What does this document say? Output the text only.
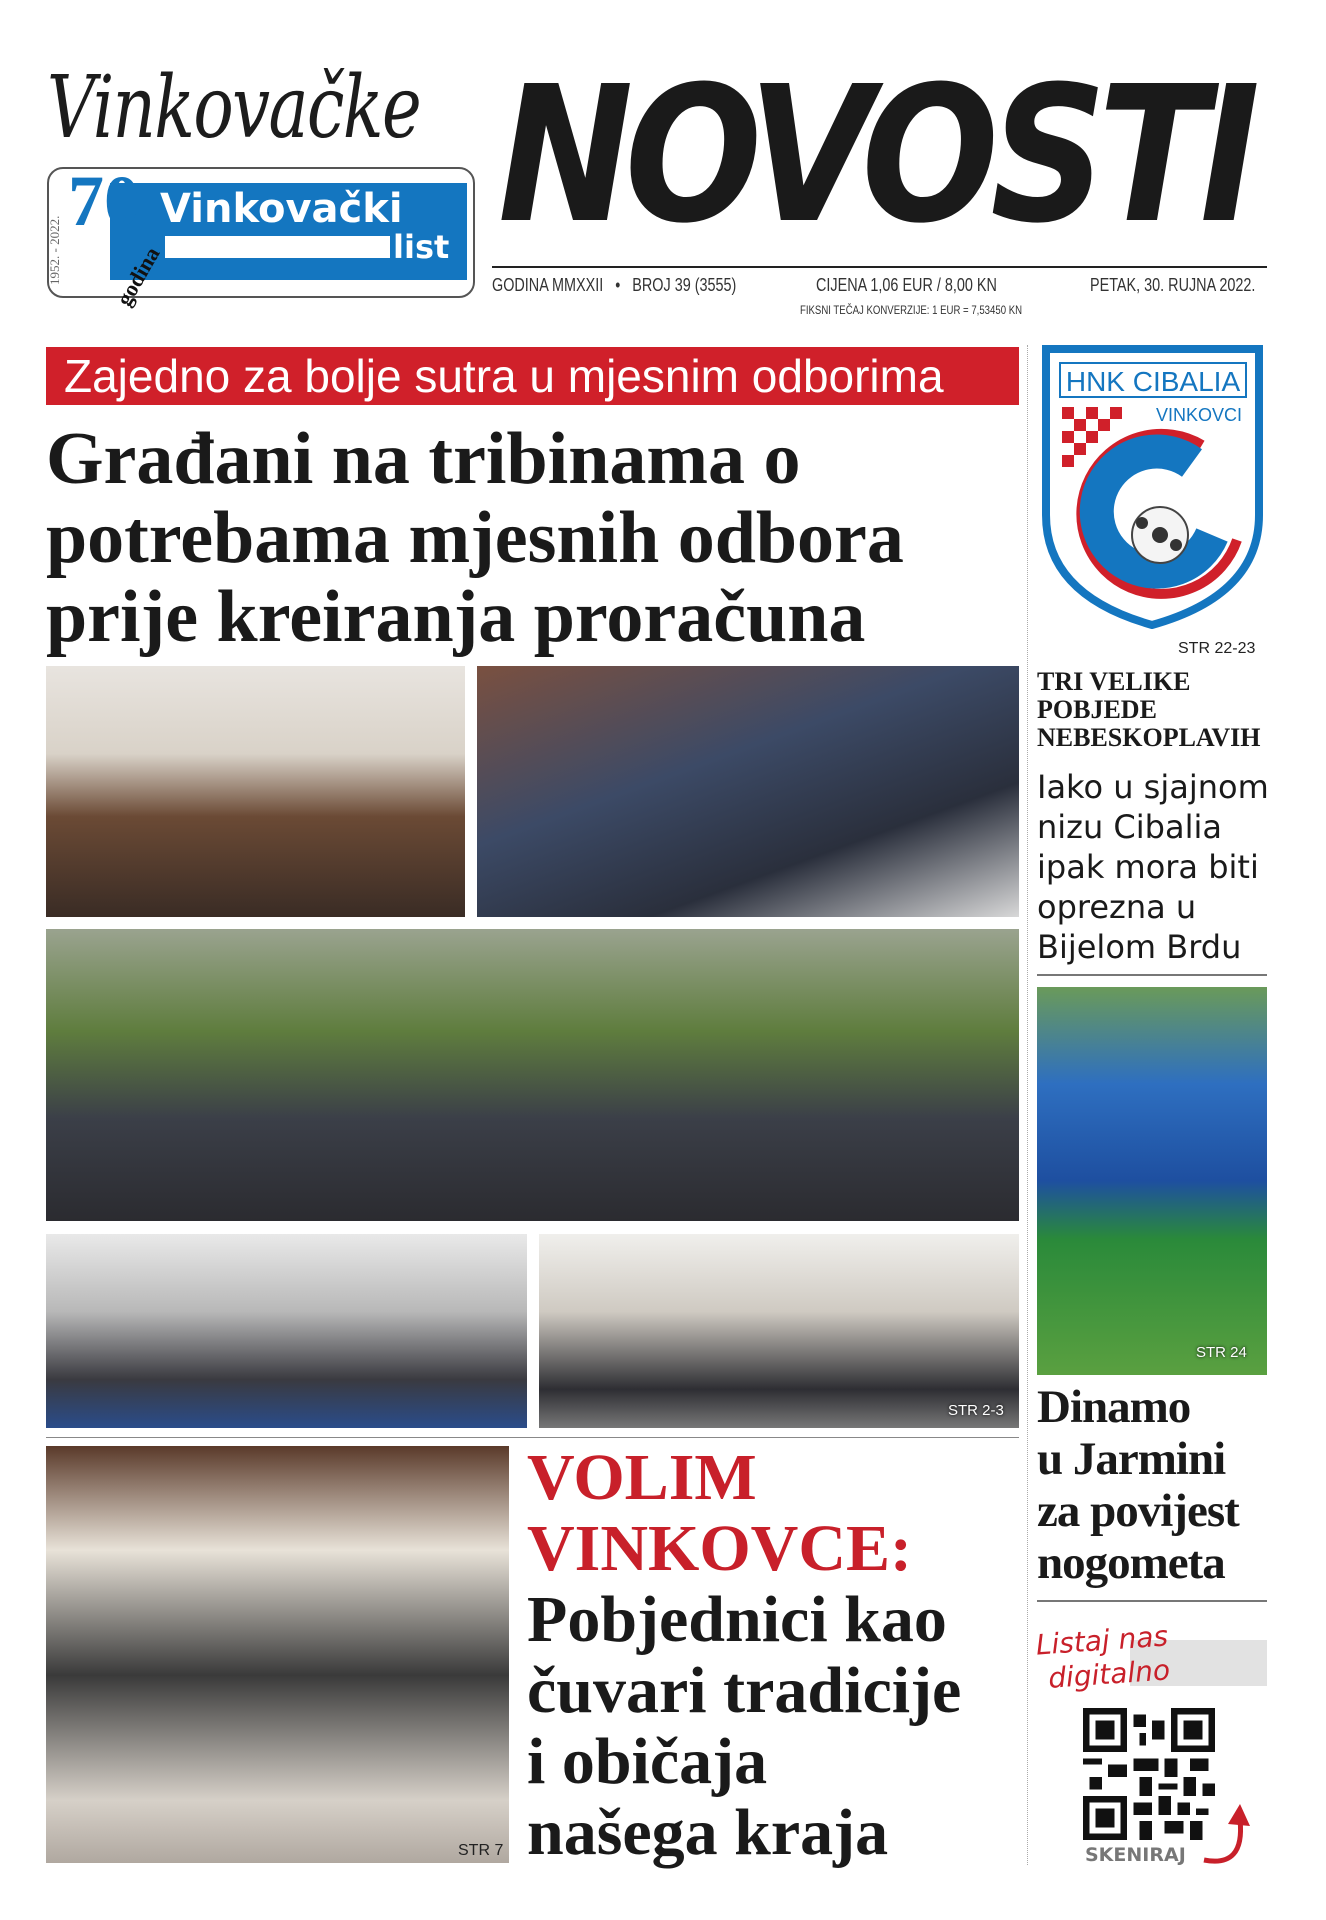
Vinkovačke
70
godina
1952. - 2022.
Vinkovački
list NOVOSTI
GODINA MMXXII • BROJ 39 (3555)	CIJENA 1,06 EUR / 8,00 KN	PETAK, 30. RUJNA 2022.
FIKSNI TEČAJ KONVERZIJE: 1 EUR = 7,53450 KN
Zajedno za bolje sutra u mjesnim odborima
Građani na tribinama o
potrebama mjesnih odbora
prije kreiranja proračuna
STR 2-3
STR 7
VOLIM
VINKOVCE:
Pobjednici kao
čuvari tradicije
i običaja
našega kraja
HNK CIBALIA
VINKOVCI
STR 22-23
TRI VELIKE
POBJEDE
NEBESKOPLAVIH
Iako u sjajnom
nizu Cibalia
ipak mora biti
oprezna u
Bijelom Brdu
STR 24
Dinamo
u Jarmini
za povijest
nogometa
Listaj nas
digitalno
SKENIRAJ
